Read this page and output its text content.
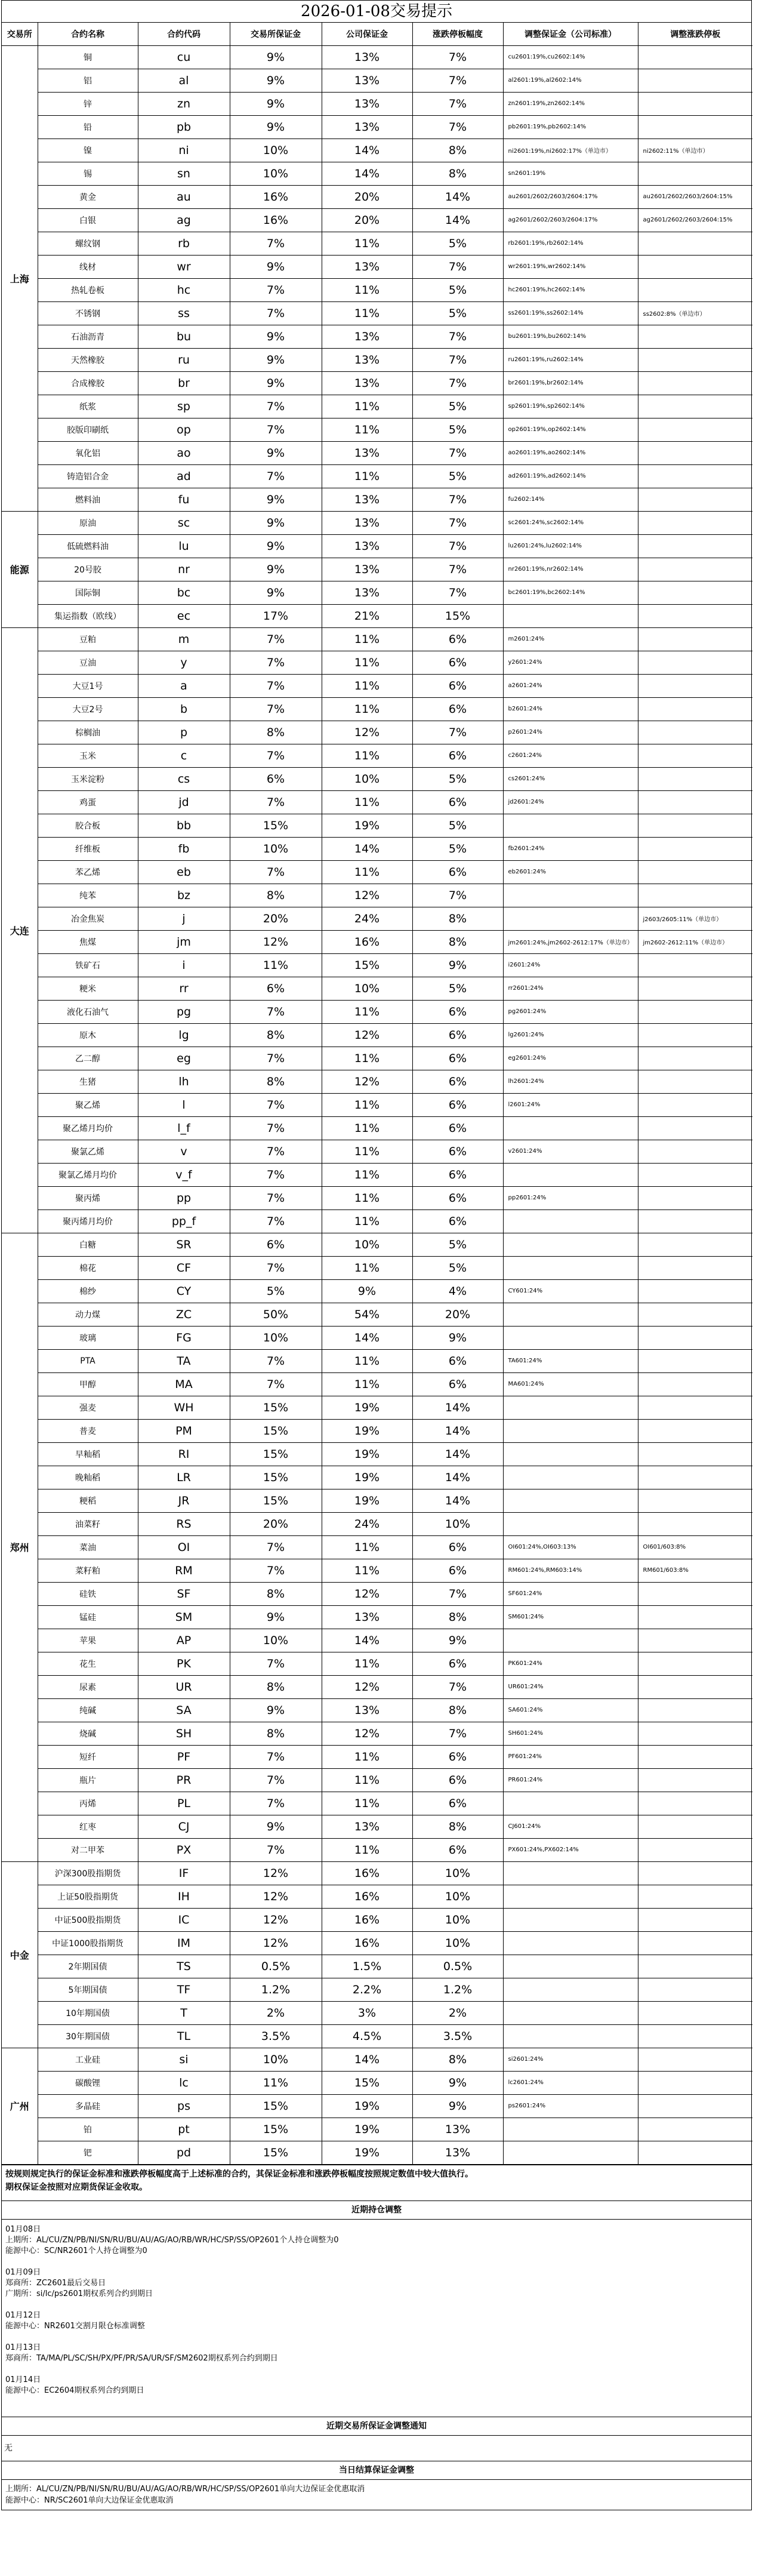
2026-01-08交易提示
交易所	合约名称	合约代码	交易所保证金	公司保证金	涨跌停板幅度	调整保证金（公司标准）	调整涨跌停板
上海	铜	cu	9%	13%	7%	cu2601:19%,cu2602:14%	
	铝	al	9%	13%	7%	al2601:19%,al2602:14%	
	锌	zn	9%	13%	7%	zn2601:19%,zn2602:14%	
	铅	pb	9%	13%	7%	pb2601:19%,pb2602:14%	
	镍	ni	10%	14%	8%	ni2601:19%,ni2602:17%（单边市）	ni2602:11%（单边市）
	锡	sn	10%	14%	8%	sn2601:19%	
	黄金	au	16%	20%	14%	au2601/2602/2603/2604:17%	au2601/2602/2603/2604:15%
	白银	ag	16%	20%	14%	ag2601/2602/2603/2604:17%	ag2601/2602/2603/2604:15%
	螺纹钢	rb	7%	11%	5%	rb2601:19%,rb2602:14%	
	线材	wr	9%	13%	7%	wr2601:19%,wr2602:14%	
	热轧卷板	hc	7%	11%	5%	hc2601:19%,hc2602:14%	
	不锈钢	ss	7%	11%	5%	ss2601:19%,ss2602:14%	ss2602:8%（单边市）
	石油沥青	bu	9%	13%	7%	bu2601:19%,bu2602:14%	
	天然橡胶	ru	9%	13%	7%	ru2601:19%,ru2602:14%	
	合成橡胶	br	9%	13%	7%	br2601:19%,br2602:14%	
	纸浆	sp	7%	11%	5%	sp2601:19%,sp2602:14%	
	胶版印刷纸	op	7%	11%	5%	op2601:19%,op2602:14%	
	氧化铝	ao	9%	13%	7%	ao2601:19%,ao2602:14%	
	铸造铝合金	ad	7%	11%	5%	ad2601:19%,ad2602:14%	
	燃料油	fu	9%	13%	7%	fu2602:14%	
能源	原油	sc	9%	13%	7%	sc2601:24%,sc2602:14%	
	低硫燃料油	lu	9%	13%	7%	lu2601:24%,lu2602:14%	
	20号胶	nr	9%	13%	7%	nr2601:19%,nr2602:14%	
	国际铜	bc	9%	13%	7%	bc2601:19%,bc2602:14%	
	集运指数（欧线）	ec	17%	21%	15%		
大连	豆粕	m	7%	11%	6%	m2601:24%	
	豆油	y	7%	11%	6%	y2601:24%	
	大豆1号	a	7%	11%	6%	a2601:24%	
	大豆2号	b	7%	11%	6%	b2601:24%	
	棕榈油	p	8%	12%	7%	p2601:24%	
	玉米	c	7%	11%	6%	c2601:24%	
	玉米淀粉	cs	6%	10%	5%	cs2601:24%	
	鸡蛋	jd	7%	11%	6%	jd2601:24%	
	胶合板	bb	15%	19%	5%		
	纤维板	fb	10%	14%	5%	fb2601:24%	
	苯乙烯	eb	7%	11%	6%	eb2601:24%	
	纯苯	bz	8%	12%	7%		
	冶金焦炭	j	20%	24%	8%		j2603/2605:11%（单边市）
	焦煤	jm	12%	16%	8%	jm2601:24%,jm2602-2612:17%（单边市）	jm2602-2612:11%（单边市）
	铁矿石	i	11%	15%	9%	i2601:24%	
	粳米	rr	6%	10%	5%	rr2601:24%	
	液化石油气	pg	7%	11%	6%	pg2601:24%	
	原木	lg	8%	12%	6%	lg2601:24%	
	乙二醇	eg	7%	11%	6%	eg2601:24%	
	生猪	lh	8%	12%	6%	lh2601:24%	
	聚乙烯	l	7%	11%	6%	l2601:24%	
	聚乙烯月均价	l_f	7%	11%	6%		
	聚氯乙烯	v	7%	11%	6%	v2601:24%	
	聚氯乙烯月均价	v_f	7%	11%	6%		
	聚丙烯	pp	7%	11%	6%	pp2601:24%	
	聚丙烯月均价	pp_f	7%	11%	6%		
郑州	白糖	SR	6%	10%	5%		
	棉花	CF	7%	11%	5%		
	棉纱	CY	5%	9%	4%	CY601:24%	
	动力煤	ZC	50%	54%	20%		
	玻璃	FG	10%	14%	9%		
	PTA	TA	7%	11%	6%	TA601:24%	
	甲醇	MA	7%	11%	6%	MA601:24%	
	强麦	WH	15%	19%	14%		
	普麦	PM	15%	19%	14%		
	早籼稻	RI	15%	19%	14%		
	晚籼稻	LR	15%	19%	14%		
	粳稻	JR	15%	19%	14%		
	油菜籽	RS	20%	24%	10%		
	菜油	OI	7%	11%	6%	OI601:24%,OI603:13%	OI601/603:8%
	菜籽粕	RM	7%	11%	6%	RM601:24%,RM603:14%	RM601/603:8%
	硅铁	SF	8%	12%	7%	SF601:24%	
	锰硅	SM	9%	13%	8%	SM601:24%	
	苹果	AP	10%	14%	9%		
	花生	PK	7%	11%	6%	PK601:24%	
	尿素	UR	8%	12%	7%	UR601:24%	
	纯碱	SA	9%	13%	8%	SA601:24%	
	烧碱	SH	8%	12%	7%	SH601:24%	
	短纤	PF	7%	11%	6%	PF601:24%	
	瓶片	PR	7%	11%	6%	PR601:24%	
	丙烯	PL	7%	11%	6%		
	红枣	CJ	9%	13%	8%	CJ601:24%	
	对二甲苯	PX	7%	11%	6%	PX601:24%,PX602:14%	
中金	沪深300股指期货	IF	12%	16%	10%		
	上证50股指期货	IH	12%	16%	10%		
	中证500股指期货	IC	12%	16%	10%		
	中证1000股指期货	IM	12%	16%	10%		
	2年期国债	TS	0.5%	1.5%	0.5%		
	5年期国债	TF	1.2%	2.2%	1.2%		
	10年期国债	T	2%	3%	2%		
	30年期国债	TL	3.5%	4.5%	3.5%		
广州	工业硅	si	10%	14%	8%	si2601:24%	
	碳酸锂	lc	11%	15%	9%	lc2601:24%	
	多晶硅	ps	15%	19%	9%	ps2601:24%	
	铂	pt	15%	19%	13%		
	钯	pd	15%	19%	13%		
按规则规定执行的保证金标准和涨跌停板幅度高于上述标准的合约，其保证金标准和涨跌停板幅度按照规定数值中较大值执行。
期权保证金按照对应期货保证金收取。
近期持仓调整
01月08日
上期所：AL/CU/ZN/PB/NI/SN/RU/BU/AU/AG/AO/RB/WR/HC/SP/SS/OP2601个人持仓调整为0
能源中心：SC/NR2601个人持仓调整为0
01月09日
郑商所：ZC2601最后交易日
广期所：si/lc/ps2601期权系列合约到期日
01月12日
能源中心：NR2601交割月限仓标准调整
01月13日
郑商所：TA/MA/PL/SC/SH/PX/PF/PR/SA/UR/SF/SM2602期权系列合约到期日
01月14日
能源中心：EC2604期权系列合约到期日
近期交易所保证金调整通知
无
当日结算保证金调整
上期所：AL/CU/ZN/PB/NI/SN/RU/BU/AU/AG/AO/RB/WR/HC/SP/SS/OP2601单向大边保证金优惠取消
能源中心：NR/SC2601单向大边保证金优惠取消
